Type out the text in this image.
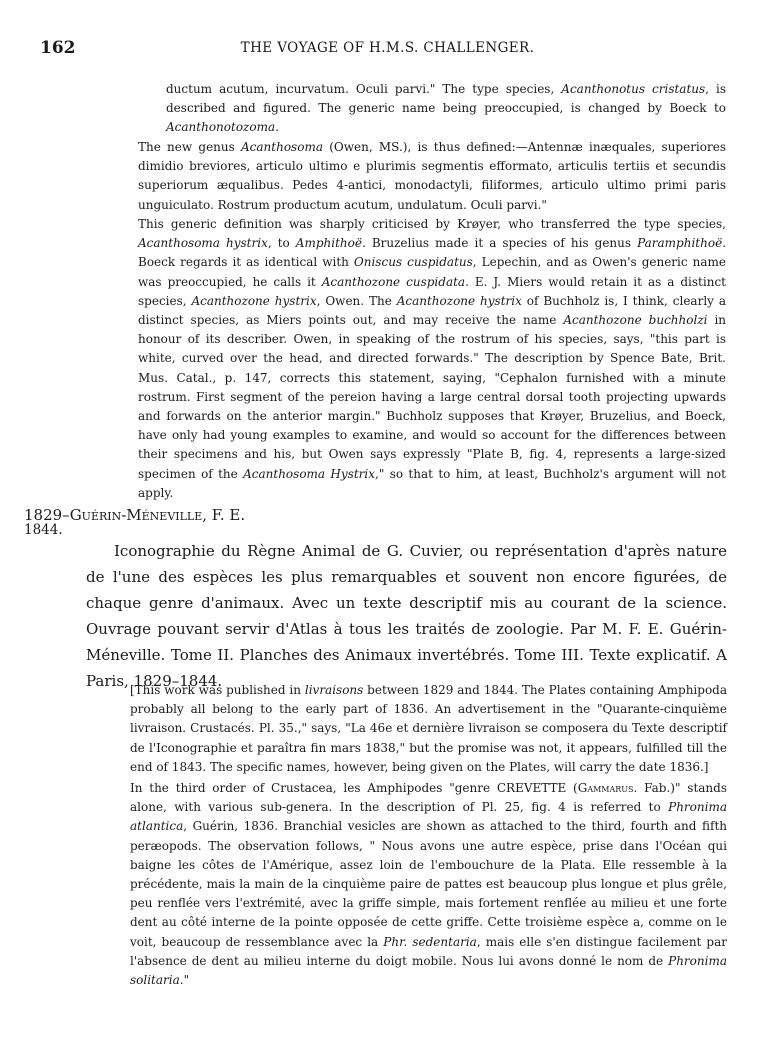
162	THE VOYAGE OF H.M.S. CHALLENGER.

ductum acutum, incurvatum. Oculi parvi." The type species, Acanthonotus cristatus, is described and figured. The generic name being preoccupied, is changed by Boeck to Acanthonotozoma.

The new genus Acanthosoma (Owen, MS.), is thus defined:—Antennæ inæquales, superiores dimidio breviores, articulo ultimo e plurimis segmentis efformato, articulis tertiis et secundis superiorum æqualibus. Pedes 4-antici, monodactyli, filiformes, articulo ultimo primi paris unguiculato. Rostrum productum acutum, undulatum. Oculi parvi."

This generic definition was sharply criticised by Krøyer, who transferred the type species, Acanthosoma hystrix, to Amphithoë. Bruzelius made it a species of his genus Paramphithoë. Boeck regards it as identical with Oniscus cuspidatus, Lepechin, and as Owen's generic name was preoccupied, he calls it Acanthozone cuspidata. E. J. Miers would retain it as a distinct species, Acanthozone hystrix, Owen. The Acanthozone hystrix of Buchholz is, I think, clearly a distinct species, as Miers points out, and may receive the name Acanthozone buchholzi in honour of its describer. Owen, in speaking of the rostrum of his species, says, "this part is white, curved over the head, and directed forwards." The description by Spence Bate, Brit. Mus. Catal., p. 147, corrects this statement, saying, "Cephalon furnished with a minute rostrum. First segment of the pereion having a large central dorsal tooth projecting upwards and forwards on the anterior margin." Buchholz supposes that Krøyer, Bruzelius, and Boeck, have only had young examples to examine, and would so account for the differences between their specimens and his, but Owen says expressly "Plate B, fig. 4, represents a large-sized specimen of the Acanthosoma Hystrix," so that to him, at least, Buchholz's argument will not apply.

1829–Guérin-Méneville, F. E.
1844.

Iconographie du Règne Animal de G. Cuvier, ou représentation d'après nature de l'une des espèces les plus remarquables et souvent non encore figurées, de chaque genre d'animaux. Avec un texte descriptif mis au courant de la science. Ouvrage pouvant servir d'Atlas à tous les traités de zoologie. Par M. F. E. Guérin-Méneville. Tome II. Planches des Animaux invertébrés. Tome III. Texte explicatif. A Paris, 1829–1844.

[This work was published in livraisons between 1829 and 1844. The Plates containing Amphipoda probably all belong to the early part of 1836. An advertisement in the "Quarante-cinquième livraison. Crustacés. Pl. 35.," says, "La 46e et dernière livraison se composera du Texte descriptif de l'Iconographie et paraîtra fin mars 1838," but the promise was not, it appears, fulfilled till the end of 1843. The specific names, however, being given on the Plates, will carry the date 1836.]

In the third order of Crustacea, les Amphipodes "genre CREVETTE (Gammarus. Fab.)" stands alone, with various sub-genera. In the description of Pl. 25, fig. 4 is referred to Phronima atlantica, Guérin, 1836. Branchial vesicles are shown as attached to the third, fourth and fifth peræopods. The observation follows, " Nous avons une autre espèce, prise dans l'Océan qui baigne les côtes de l'Amérique, assez loin de l'embouchure de la Plata. Elle ressemble à la précédente, mais la main de la cinquième paire de pattes est beaucoup plus longue et plus grêle, peu renflée vers l'extrémité, avec la griffe simple, mais fortement renflée au milieu et une forte dent au côté interne de la pointe opposée de cette griffe. Cette troisième espèce a, comme on le voit, beaucoup de ressemblance avec la Phr. sedentaria, mais elle s'en distingue facilement par l'absence de dent au milieu interne du doigt mobile. Nous lui avons donné le nom de Phronima solitaria."
